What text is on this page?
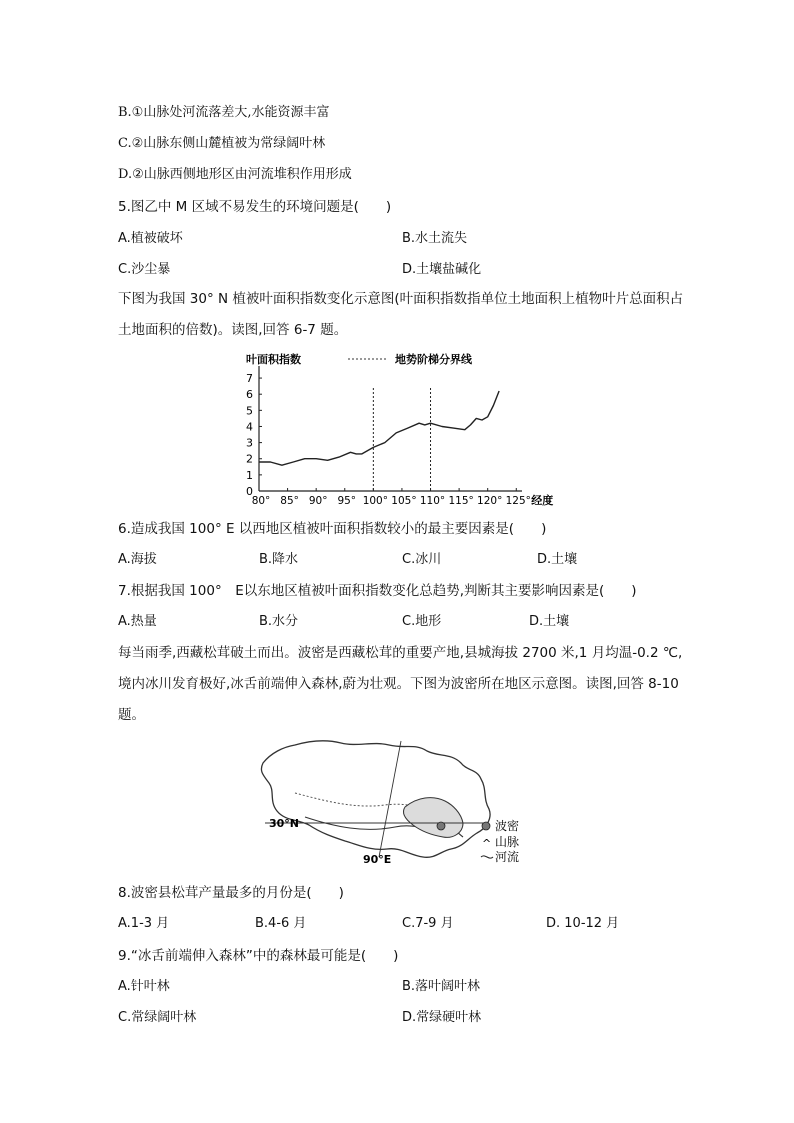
B.①山脉处河流落差大,水能资源丰富
C.②山脉东侧山麓植被为常绿阔叶林
D.②山脉西侧地形区由河流堆积作用形成
5.图乙中 M 区域不易发生的环境问题是(　　)
A.植被破坏	B.水土流失
C.沙尘暴	D.土壤盐碱化
下图为我国 30° N 植被叶面积指数变化示意图(叶面积指数指单位土地面积上植物叶片总面积占土地面积的倍数)。读图,回答 6-7 题。
叶面积指数	地势阶梯分界线
0
1
2
3
4
5
6
7
80° 85° 90° 95° 100° 105° 110° 115° 120° 125° 经度
6.造成我国 100° E 以西地区植被叶面积指数较小的最主要因素是(　　)
A.海拔	B.降水	C.冰川	D.土壤
7.根据我国 100°　E以东地区植被叶面积指数变化总趋势,判断其主要影响因素是(　　)
A.热量	B.水分	C.地形	D.土壤
每当雨季,西藏松茸破土而出。波密是西藏松茸的重要产地,县城海拔 2700 米,1 月均温-0.2 ℃,境内冰川发育极好,冰舌前端伸入森林,蔚为壮观。下图为波密所在地区示意图。读图,回答 8-10 题。
30°N
90°E
波密
^ 山脉
河流
8.波密县松茸产量最多的月份是(　　)
A.1-3 月	B.4-6 月	C.7-9 月	D. 10-12 月
9.“冰舌前端伸入森林”中的森林最可能是(　　)
A.针叶林	B.落叶阔叶林
C.常绿阔叶林	D.常绿硬叶林
